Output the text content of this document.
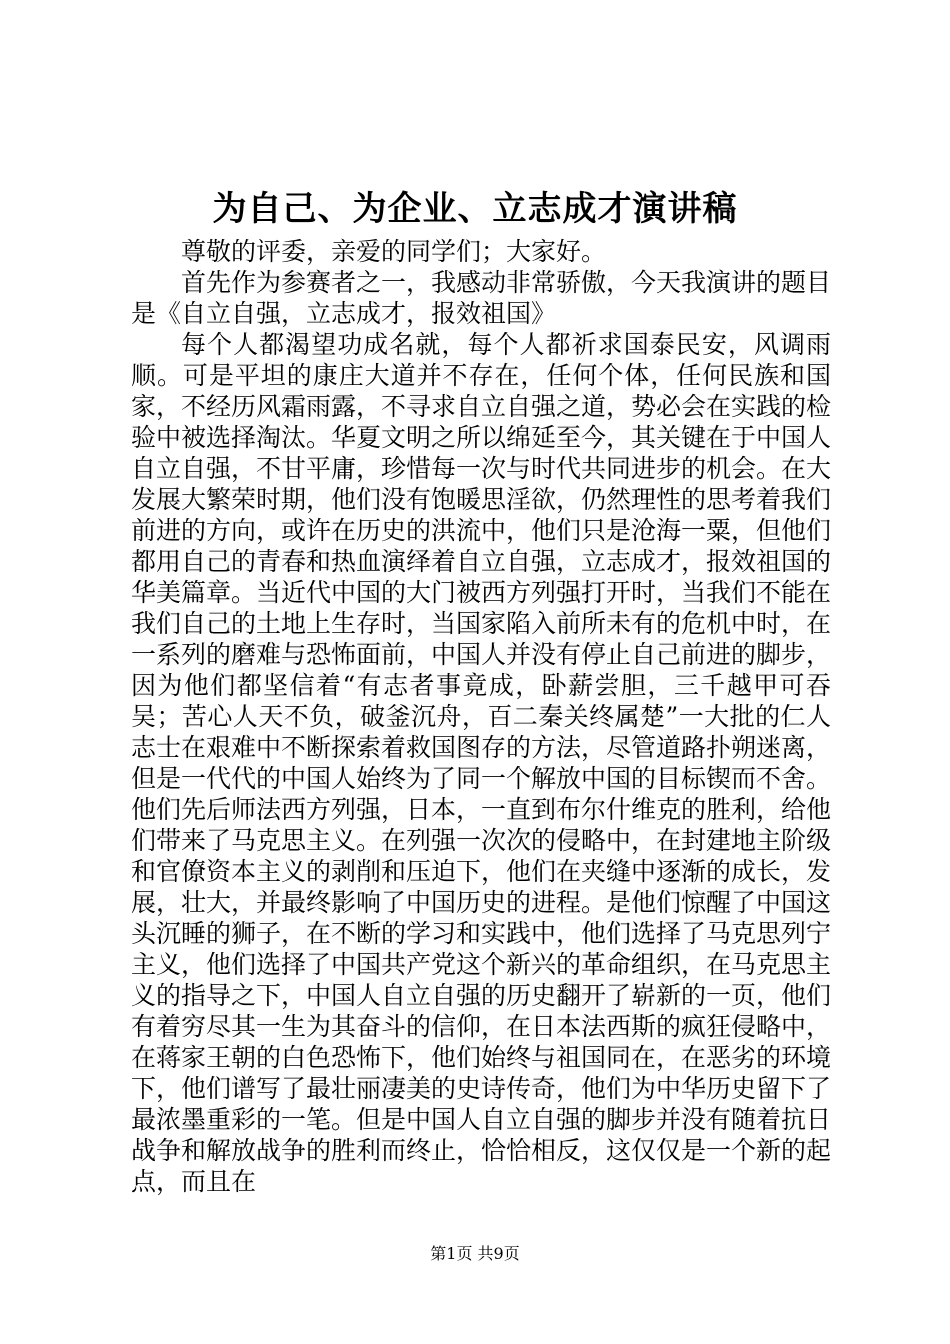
为自己、为企业、立志成才演讲稿

尊敬的评委，亲爱的同学们；大家好。

首先作为参赛者之一，我感动非常骄傲，今天我演讲的题目是《自立自强，立志成才，报效祖国》

每个人都渴望功成名就，每个人都祈求国泰民安，风调雨顺。可是平坦的康庄大道并不存在，任何个体，任何民族和国家，不经历风霜雨露，不寻求自立自强之道，势必会在实践的检验中被选择淘汰。华夏文明之所以绵延至今，其关键在于中国人自立自强，不甘平庸，珍惜每一次与时代共同进步的机会。在大发展大繁荣时期，他们没有饱暖思淫欲，仍然理性的思考着我们前进的方向，或许在历史的洪流中，他们只是沧海一粟，但他们都用自己的青春和热血演绎着自立自强，立志成才，报效祖国的华美篇章。当近代中国的大门被西方列强打开时，当我们不能在我们自己的土地上生存时，当国家陷入前所未有的危机中时，在一系列的磨难与恐怖面前，中国人并没有停止自己前进的脚步，因为他们都坚信着“有志者事竟成，卧薪尝胆，三千越甲可吞吴；苦心人天不负，破釜沉舟，百二秦关终属楚”一大批的仁人志士在艰难中不断探索着救国图存的方法，尽管道路扑朔迷离，但是一代代的中国人始终为了同一个解放中国的目标锲而不舍。他们先后师法西方列强，日本，一直到布尔什维克的胜利，给他们带来了马克思主义。在列强一次次的侵略中，在封建地主阶级和官僚资本主义的剥削和压迫下，他们在夹缝中逐渐的成长，发展，壮大，并最终影响了中国历史的进程。是他们惊醒了中国这头沉睡的狮子，在不断的学习和实践中，他们选择了马克思列宁主义，他们选择了中国共产党这个新兴的革命组织，在马克思主义的指导之下，中国人自立自强的历史翻开了崭新的一页，他们有着穷尽其一生为其奋斗的信仰，在日本法西斯的疯狂侵略中，在蒋家王朝的白色恐怖下，他们始终与祖国同在，在恶劣的环境下，他们谱写了最壮丽凄美的史诗传奇，他们为中华历史留下了最浓墨重彩的一笔。但是中国人自立自强的脚步并没有随着抗日战争和解放战争的胜利而终止，恰恰相反，这仅仅是一个新的起点，而且在

第1页 共9页
